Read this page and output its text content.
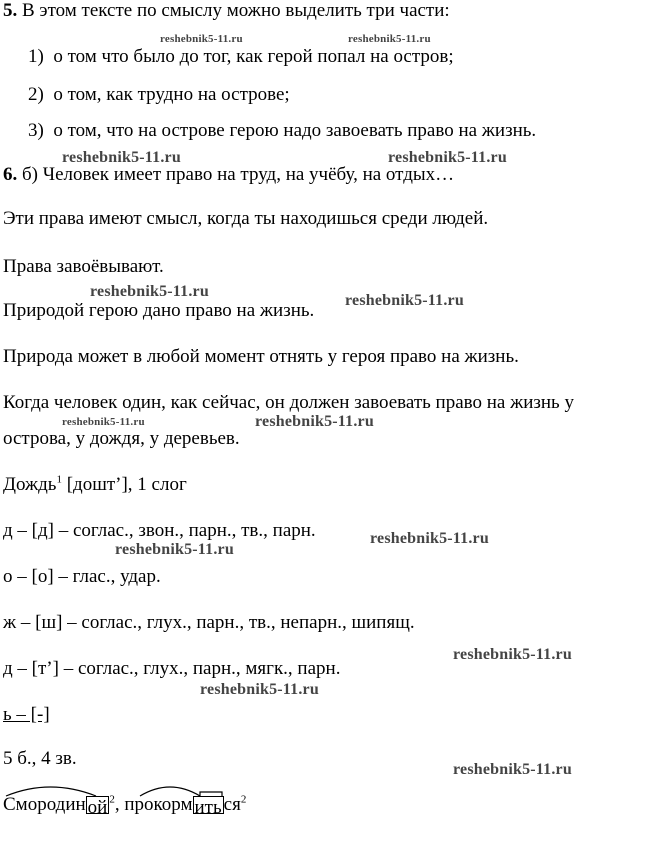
5. В этом тексте по смыслу можно выделить три части:
1) о том что было до тог, как герой попал на остров;
2) о том, как трудно на острове;
3) о том, что на острове герою надо завоевать право на жизнь.
6. б) Человек имеет право на труд, на учёбу, на отдых…
Эти права имеют смысл, когда ты находишься среди людей.
Права завоёвывают.
Природой герою дано право на жизнь.
Природа может в любой момент отнять у героя право на жизнь.
Когда человек один, как сейчас, он должен завоевать право на жизнь у
острова, у дождя, у деревьев.
Дождь$^1$ [дошт’], 1 слог
д – [д] – соглас., звон., парн., тв., парн.
о – [о] – глас., удар.
ж – [ш] – соглас., глух., парн., тв., непарн., шипящ.
д – [т’] – соглас., глух., парн., мягк., парн.
ь – [-]
5 б., 4 зв.
Смородин ой $^2$, прокорм ить $ся^2$
reshebnik5-11.ru	reshebnik5-11.ru
reshebnik5-11.ru	reshebnik5-11.ru
reshebnik5-11.ru
reshebnik5-11.ru
reshebnik5-11.ru	reshebnik5-11.ru
reshebnik5-11.ru
reshebnik5-11.ru
reshebnik5-11.ru
reshebnik5-11.ru
reshebnik5-11.ru
